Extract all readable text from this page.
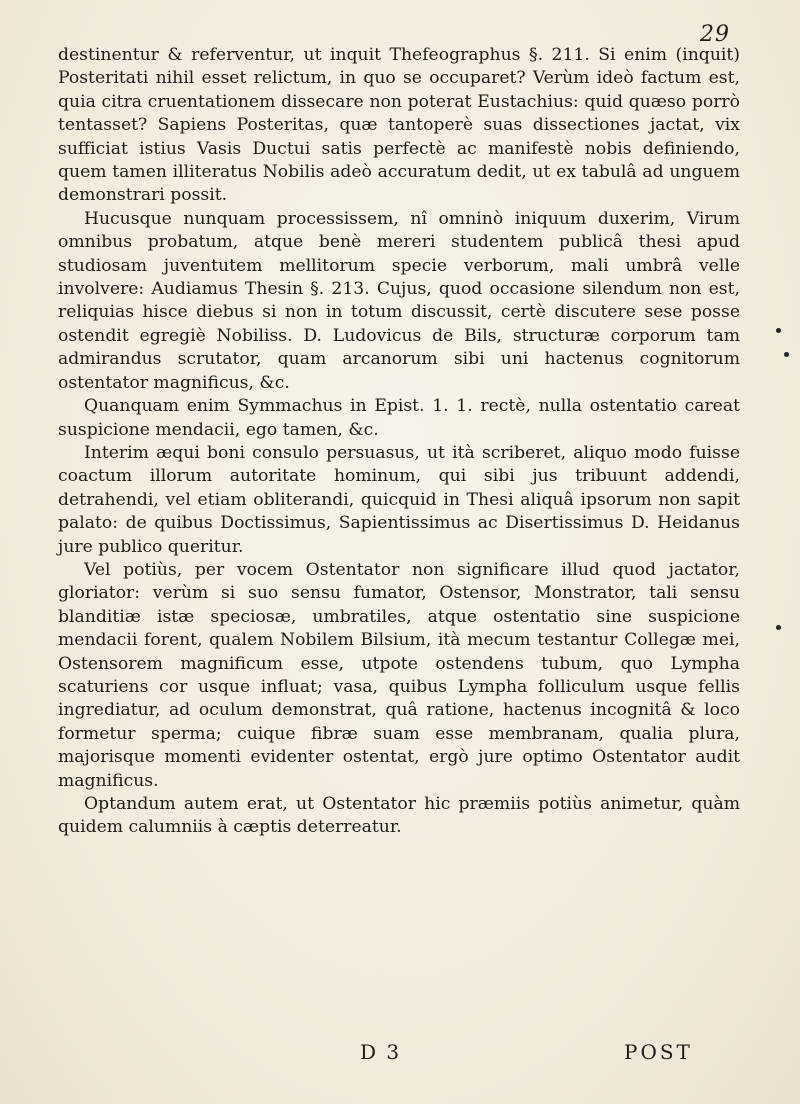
29

destinentur & referventur, ut inquit Thefeographus §. 211. Si enim (inquit) Posteritati nihil esset relictum, in quo se occuparet? Verùm ideò factum est, quia citra cruentationem dissecare non poterat Eustachius: quid quæso porrò tentasset? Sapiens Posteritas, quæ tantoperè suas dissectiones jactat, vix sufficiat istius Vasis Ductui satis perfectè ac manifestè nobis definiendo, quem tamen illiteratus Nobilis adeò accuratum dedit, ut ex tabulâ ad unguem demonstrari possit.

Hucusque nunquam processissem, nî omninò iniquum duxerim, Virum omnibus probatum, atque benè mereri studentem publicâ thesi apud studiosam juventutem mellitorum specie verborum, mali umbrâ velle involvere: Audiamus Thesin §. 213. Cujus, quod occasione silendum non est, reliquias hisce diebus si non in totum discussit, certè discutere sese posse ostendit egregiè Nobiliss. D. Ludovicus de Bils, structuræ corporum tam admirandus scrutator, quam arcanorum sibi uni hactenus cognitorum ostentator magnificus, &c.

Quanquam enim Symmachus in Epist. 1. 1. rectè, nulla ostentatio careat suspicione mendacii, ego tamen, &c.

Interim æqui boni consulo persuasus, ut ità scriberet, aliquo modo fuisse coactum illorum autoritate hominum, qui sibi jus tribuunt addendi, detrahendi, vel etiam obliterandi, quicquid in Thesi aliquâ ipsorum non sapit palato: de quibus Doctissimus, Sapientissimus ac Disertissimus D. Heidanus jure publico queritur.

Vel potiùs, per vocem Ostentator non significare illud quod jactator, gloriator: verùm si suo sensu fumator, Ostensor, Monstrator, tali sensu blanditiæ istæ speciosæ, umbratiles, atque ostentatio sine suspicione mendacii forent, qualem Nobilem Bilsium, ità mecum testantur Collegæ mei, Ostensorem magnificum esse, utpote ostendens tubum, quo Lympha scaturiens cor usque influat; vasa, quibus Lympha folliculum usque fellis ingrediatur, ad oculum demonstrat, quâ ratione, hactenus incognitâ & loco formetur sperma; cuique fibræ suam esse membranam, qualia plura, majorisque momenti evidenter ostentat, ergò jure optimo Ostentator audit magnificus.

Optandum autem erat, ut Ostentator hic præmiis potiùs animetur, quàm quidem calumniis à cæptis deterreatur.

D 3	POST
